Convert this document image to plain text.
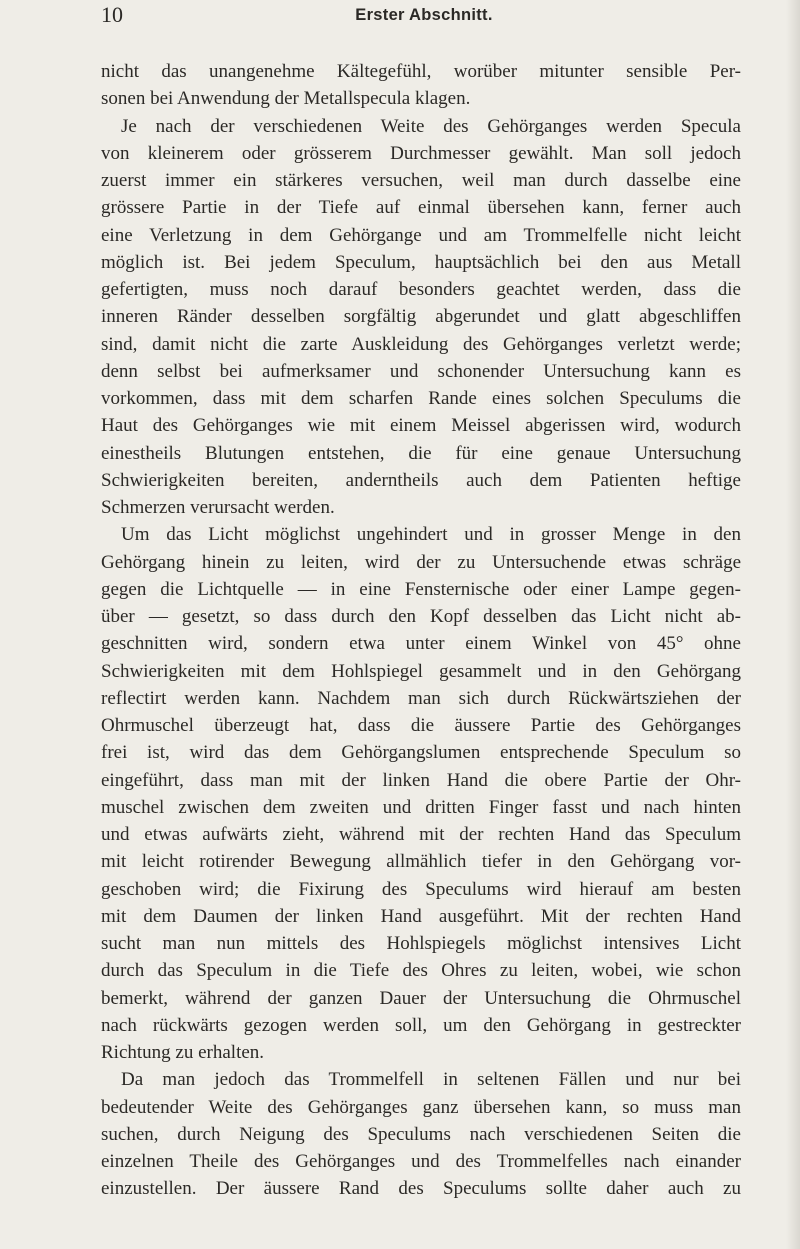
10	Erster Abschnitt.
nicht das unangenehme Kältegefühl, worüber mitunter sensible Per-
sonen bei Anwendung der Metallspecula klagen.
Je nach der verschiedenen Weite des Gehörganges werden Specula
von kleinerem oder grösserem Durchmesser gewählt. Man soll jedoch
zuerst immer ein stärkeres versuchen, weil man durch dasselbe eine
grössere Partie in der Tiefe auf einmal übersehen kann, ferner auch
eine Verletzung in dem Gehörgange und am Trommelfelle nicht leicht
möglich ist. Bei jedem Speculum, hauptsächlich bei den aus Metall
gefertigten, muss noch darauf besonders geachtet werden, dass die
inneren Ränder desselben sorgfältig abgerundet und glatt abgeschliffen
sind, damit nicht die zarte Auskleidung des Gehörganges verletzt werde;
denn selbst bei aufmerksamer und schonender Untersuchung kann es
vorkommen, dass mit dem scharfen Rande eines solchen Speculums die
Haut des Gehörganges wie mit einem Meissel abgerissen wird, wodurch
einestheils Blutungen entstehen, die für eine genaue Untersuchung
Schwierigkeiten bereiten, anderntheils auch dem Patienten heftige
Schmerzen verursacht werden.
Um das Licht möglichst ungehindert und in grosser Menge in den
Gehörgang hinein zu leiten, wird der zu Untersuchende etwas schräge
gegen die Lichtquelle — in eine Fensternische oder einer Lampe gegen-
über — gesetzt, so dass durch den Kopf desselben das Licht nicht ab-
geschnitten wird, sondern etwa unter einem Winkel von 45° ohne
Schwierigkeiten mit dem Hohlspiegel gesammelt und in den Gehörgang
reflectirt werden kann. Nachdem man sich durch Rückwärtsziehen der
Ohrmuschel überzeugt hat, dass die äussere Partie des Gehörganges
frei ist, wird das dem Gehörgangslumen entsprechende Speculum so
eingeführt, dass man mit der linken Hand die obere Partie der Ohr-
muschel zwischen dem zweiten und dritten Finger fasst und nach hinten
und etwas aufwärts zieht, während mit der rechten Hand das Speculum
mit leicht rotirender Bewegung allmählich tiefer in den Gehörgang vor-
geschoben wird; die Fixirung des Speculums wird hierauf am besten
mit dem Daumen der linken Hand ausgeführt. Mit der rechten Hand
sucht man nun mittels des Hohlspiegels möglichst intensives Licht
durch das Speculum in die Tiefe des Ohres zu leiten, wobei, wie schon
bemerkt, während der ganzen Dauer der Untersuchung die Ohrmuschel
nach rückwärts gezogen werden soll, um den Gehörgang in gestreckter
Richtung zu erhalten.
Da man jedoch das Trommelfell in seltenen Fällen und nur bei
bedeutender Weite des Gehörganges ganz übersehen kann, so muss man
suchen, durch Neigung des Speculums nach verschiedenen Seiten die
einzelnen Theile des Gehörganges und des Trommelfelles nach einander
einzustellen. Der äussere Rand des Speculums sollte daher auch zu
